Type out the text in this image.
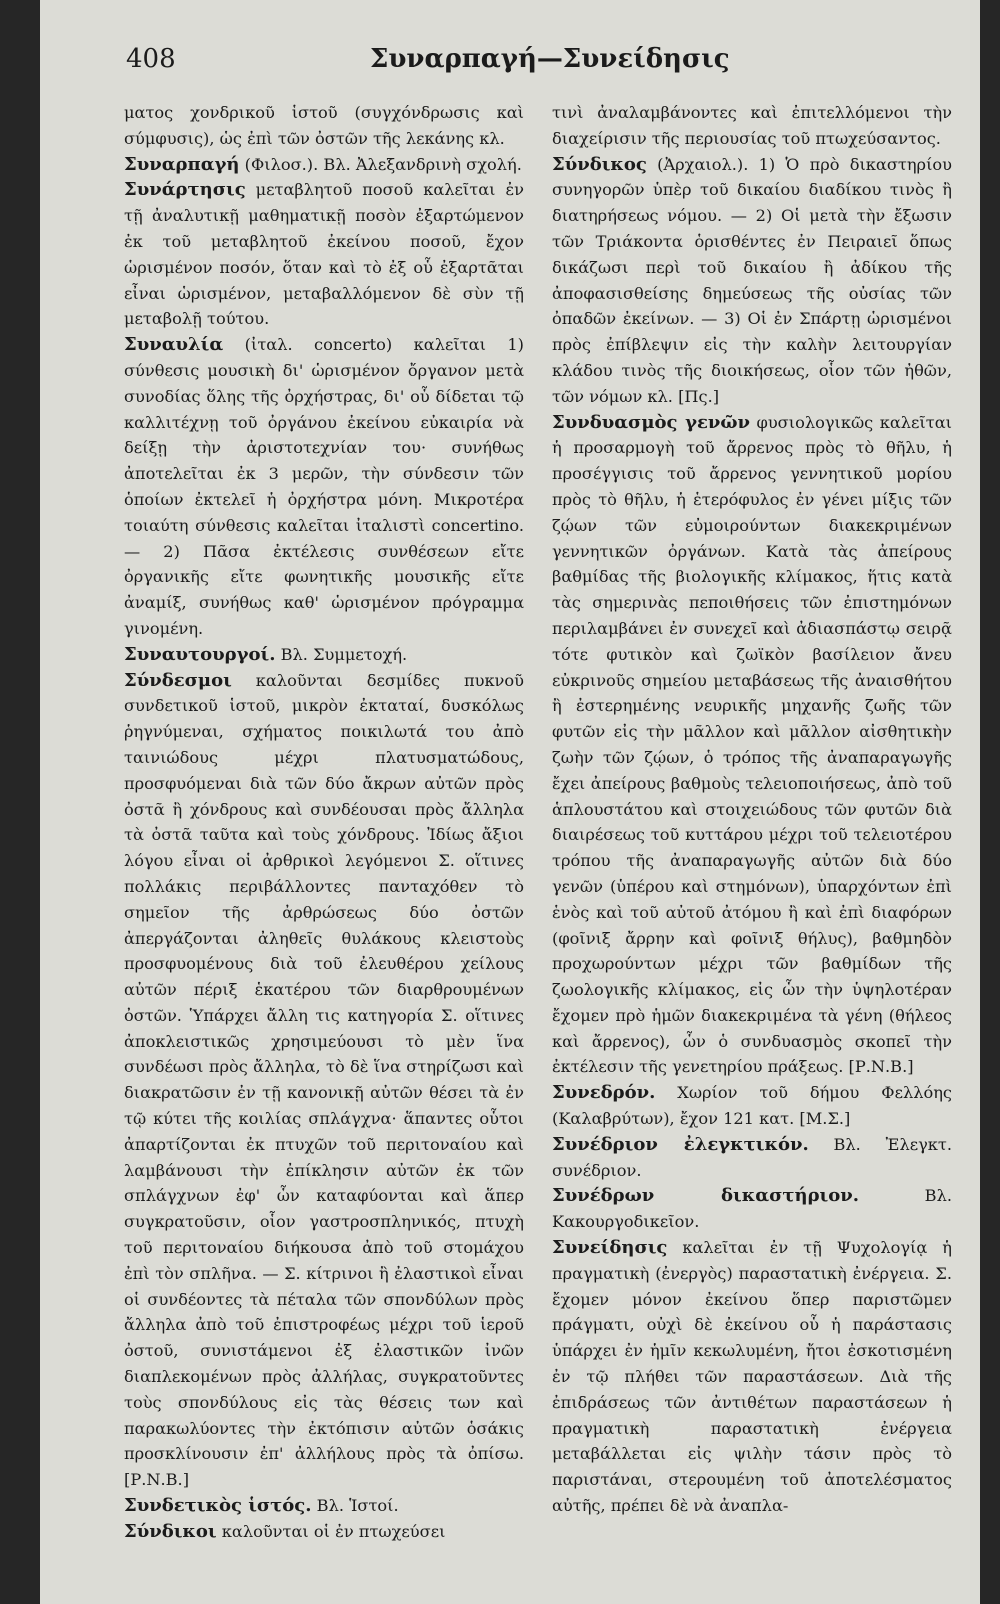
408	Συναρπαγή—Συνείδησις

ματος χονδρικοῦ ἱστοῦ (συγχόνδρωσις καὶ σύμφυσις), ὡς ἐπὶ τῶν ὀστῶν τῆς λεκάνης κλ.

Συναρπαγή (Φιλοσ.). Βλ. Ἀλεξανδρινὴ σχολή.

Συνάρτησις μεταβλητοῦ ποσοῦ καλεῖται ἐν τῇ ἀναλυτικῇ μαθηματικῇ ποσὸν ἐξαρτώμενον ἐκ τοῦ μεταβλητοῦ ἐκείνου ποσοῦ, ἔχον ὡρισμένον ποσόν, ὅταν καὶ τὸ ἐξ οὗ ἐξαρτᾶται εἶναι ὡρισμένον, μεταβαλλόμενον δὲ σὺν τῇ μεταβολῇ τούτου.

Συναυλία (ἰταλ. concerto) καλεῖται 1) σύνθεσις μουσικὴ δι' ὡρισμένον ὄργανον μετὰ συνοδίας ὅλης τῆς ὀρχήστρας, δι' οὗ δίδεται τῷ καλλιτέχνῃ τοῦ ὀργάνου ἐκείνου εὐκαιρία νὰ δείξῃ τὴν ἀριστοτεχνίαν του· συνήθως ἀποτελεῖται ἐκ 3 μερῶν, τὴν σύνδεσιν τῶν ὁποίων ἐκτελεῖ ἡ ὀρχήστρα μόνη. Μικροτέρα τοιαύτη σύνθεσις καλεῖται ἰταλιστὶ concertino. — 2) Πᾶσα ἐκτέλεσις συνθέσεων εἴτε ὀργανικῆς εἴτε φωνητικῆς μουσικῆς εἴτε ἀναμίξ, συνήθως καθ' ὡρισμένον πρόγραμμα γινομένη.

Συναυτουργοί. Βλ. Συμμετοχή.

Σύνδεσμοι καλοῦνται δεσμίδες πυκνοῦ συνδετικοῦ ἱστοῦ, μικρὸν ἐκταταί, δυσκόλως ῥηγνύμεναι, σχήματος ποικιλωτά του ἀπὸ ταινιώδους μέχρι πλατυσματώδους, προσφυόμεναι διὰ τῶν δύο ἄκρων αὐτῶν πρὸς ὀστᾶ ἢ χόνδρους καὶ συνδέουσαι πρὸς ἄλληλα τὰ ὀστᾶ ταῦτα καὶ τοὺς χόνδρους. Ἰδίως ἄξιοι λόγου εἶναι οἱ ἀρθρικοὶ λεγόμενοι Σ. οἵτινες πολλάκις περιβάλλοντες πανταχόθεν τὸ σημεῖον τῆς ἀρθρώσεως δύο ὀστῶν ἀπεργάζονται ἀληθεῖς θυλάκους κλειστοὺς προσφυομένους διὰ τοῦ ἐλευθέρου χείλους αὐτῶν πέριξ ἑκατέρου τῶν διαρθρουμένων ὀστῶν. Ὑπάρχει ἄλλη τις κατηγορία Σ. οἵτινες ἀποκλειστικῶς χρησιμεύουσι τὸ μὲν ἵνα συνδέωσι πρὸς ἄλληλα, τὸ δὲ ἵνα στηρίζωσι καὶ διακρατῶσιν ἐν τῇ κανονικῇ αὐτῶν θέσει τὰ ἐν τῷ κύτει τῆς κοιλίας σπλάγχνα· ἅπαντες οὗτοι ἀπαρτίζονται ἐκ πτυχῶν τοῦ περιτοναίου καὶ λαμβάνουσι τὴν ἐπίκλησιν αὐτῶν ἐκ τῶν σπλάγχνων ἐφ' ὧν καταφύονται καὶ ἅπερ συγκρατοῦσιν, οἷον γαστροσπληνικός, πτυχὴ τοῦ περιτοναίου διήκουσα ἀπὸ τοῦ στομάχου ἐπὶ τὸν σπλῆνα. — Σ. κίτρινοι ἢ ἐλαστικοὶ εἶναι οἱ συνδέοντες τὰ πέταλα τῶν σπονδύλων πρὸς ἄλληλα ἀπὸ τοῦ ἐπιστροφέως μέχρι τοῦ ἱεροῦ ὀστοῦ, συνιστάμενοι ἐξ ἐλαστικῶν ἰνῶν διαπλεκομένων πρὸς ἀλλήλας, συγκρατοῦντες τοὺς σπονδύλους εἰς τὰς θέσεις των καὶ παρακωλύοντες τὴν ἐκτόπισιν αὐτῶν ὁσάκις προσκλίνουσιν ἐπ' ἀλλήλους πρὸς τὰ ὀπίσω. [Ρ.Ν.Β.]

Συνδετικὸς ἱστός. Βλ. Ἱστοί.

Σύνδικοι καλοῦνται οἱ ἐν πτωχεύσει

τινὶ ἀναλαμβάνοντες καὶ ἐπιτελλόμενοι τὴν διαχείρισιν τῆς περιουσίας τοῦ πτωχεύσαντος.

Σύνδικος (Ἀρχαιολ.). 1) Ὁ πρὸ δικαστηρίου συνηγορῶν ὑπὲρ τοῦ δικαίου διαδίκου τινὸς ἢ διατηρήσεως νόμου. — 2) Οἱ μετὰ τὴν ἔξωσιν τῶν Τριάκοντα ὁρισθέντες ἐν Πειραιεῖ ὅπως δικάζωσι περὶ τοῦ δικαίου ἢ ἀδίκου τῆς ἀποφασισθείσης δημεύσεως τῆς οὐσίας τῶν ὀπαδῶν ἐκείνων. — 3) Οἱ ἐν Σπάρτῃ ὡρισμένοι πρὸς ἐπίβλεψιν εἰς τὴν καλὴν λειτουργίαν κλάδου τινὸς τῆς διοικήσεως, οἷον τῶν ἠθῶν, τῶν νόμων κλ. [Πς.]

Συνδυασμὸς γενῶν φυσιολογικῶς καλεῖται ἡ προσαρμογὴ τοῦ ἄρρενος πρὸς τὸ θῆλυ, ἡ προσέγγισις τοῦ ἄρρενος γεννητικοῦ μορίου πρὸς τὸ θῆλυ, ἡ ἑτερόφυλος ἐν γένει μίξις τῶν ζῴων τῶν εὐμοιρούντων διακεκριμένων γεννητικῶν ὀργάνων. Κατὰ τὰς ἀπείρους βαθμίδας τῆς βιολογικῆς κλίμακος, ἥτις κατὰ τὰς σημερινὰς πεποιθήσεις τῶν ἐπιστημόνων περιλαμβάνει ἐν συνεχεῖ καὶ ἀδιασπάστῳ σειρᾷ τότε φυτικὸν καὶ ζωϊκὸν βασίλειον ἄνευ εὐκρινοῦς σημείου μεταβάσεως τῆς ἀναισθήτου ἢ ἐστερημένης νευρικῆς μηχανῆς ζωῆς τῶν φυτῶν εἰς τὴν μᾶλλον καὶ μᾶλλον αἰσθητικὴν ζωὴν τῶν ζῴων, ὁ τρόπος τῆς ἀναπαραγωγῆς ἔχει ἀπείρους βαθμοὺς τελειοποιήσεως, ἀπὸ τοῦ ἁπλουστάτου καὶ στοιχειώδους τῶν φυτῶν διὰ διαιρέσεως τοῦ κυττάρου μέχρι τοῦ τελειοτέρου τρόπου τῆς ἀναπαραγωγῆς αὐτῶν διὰ δύο γενῶν (ὑπέρου καὶ στημόνων), ὑπαρχόντων ἐπὶ ἑνὸς καὶ τοῦ αὐτοῦ ἀτόμου ἢ καὶ ἐπὶ διαφόρων (φοῖνιξ ἄρρην καὶ φοῖνιξ θήλυς), βαθμηδὸν προχωρούντων μέχρι τῶν βαθμίδων τῆς ζωολογικῆς κλίμακος, εἰς ὧν τὴν ὑψηλοτέραν ἔχομεν πρὸ ἡμῶν διακεκριμένα τὰ γένη (θήλεος καὶ ἄρρενος), ὧν ὁ συνδυασμὸς σκοπεῖ τὴν ἐκτέλεσιν τῆς γενετηρίου πράξεως. [Ρ.Ν.Β.]

Συνεδρόν. Χωρίον τοῦ δήμου Φελλόης (Καλαβρύτων), ἔχον 121 κατ. [Μ.Σ.]

Συνέδριον ἐλεγκτικόν. Βλ. Ἐλεγκτ. συνέδριον.

Συνέδρων δικαστήριον. Βλ. Κακουργοδικεῖον.

Συνείδησις καλεῖται ἐν τῇ Ψυχολογίᾳ ἡ πραγματικὴ (ἐνεργὸς) παραστατικὴ ἐνέργεια. Σ. ἔχομεν μόνον ἐκείνου ὅπερ παριστῶμεν πράγματι, οὐχὶ δὲ ἐκείνου οὗ ἡ παράστασις ὑπάρχει ἐν ἡμῖν κεκωλυμένη, ἤτοι ἐσκοτισμένη ἐν τῷ πλήθει τῶν παραστάσεων. Διὰ τῆς ἐπιδράσεως τῶν ἀντιθέτων παραστάσεων ἡ πραγματικὴ παραστατικὴ ἐνέργεια μεταβάλλεται εἰς ψιλὴν τάσιν πρὸς τὸ παριστάναι, στερουμένη τοῦ ἀποτελέσματος αὐτῆς, πρέπει δὲ νὰ ἀναπλα-
